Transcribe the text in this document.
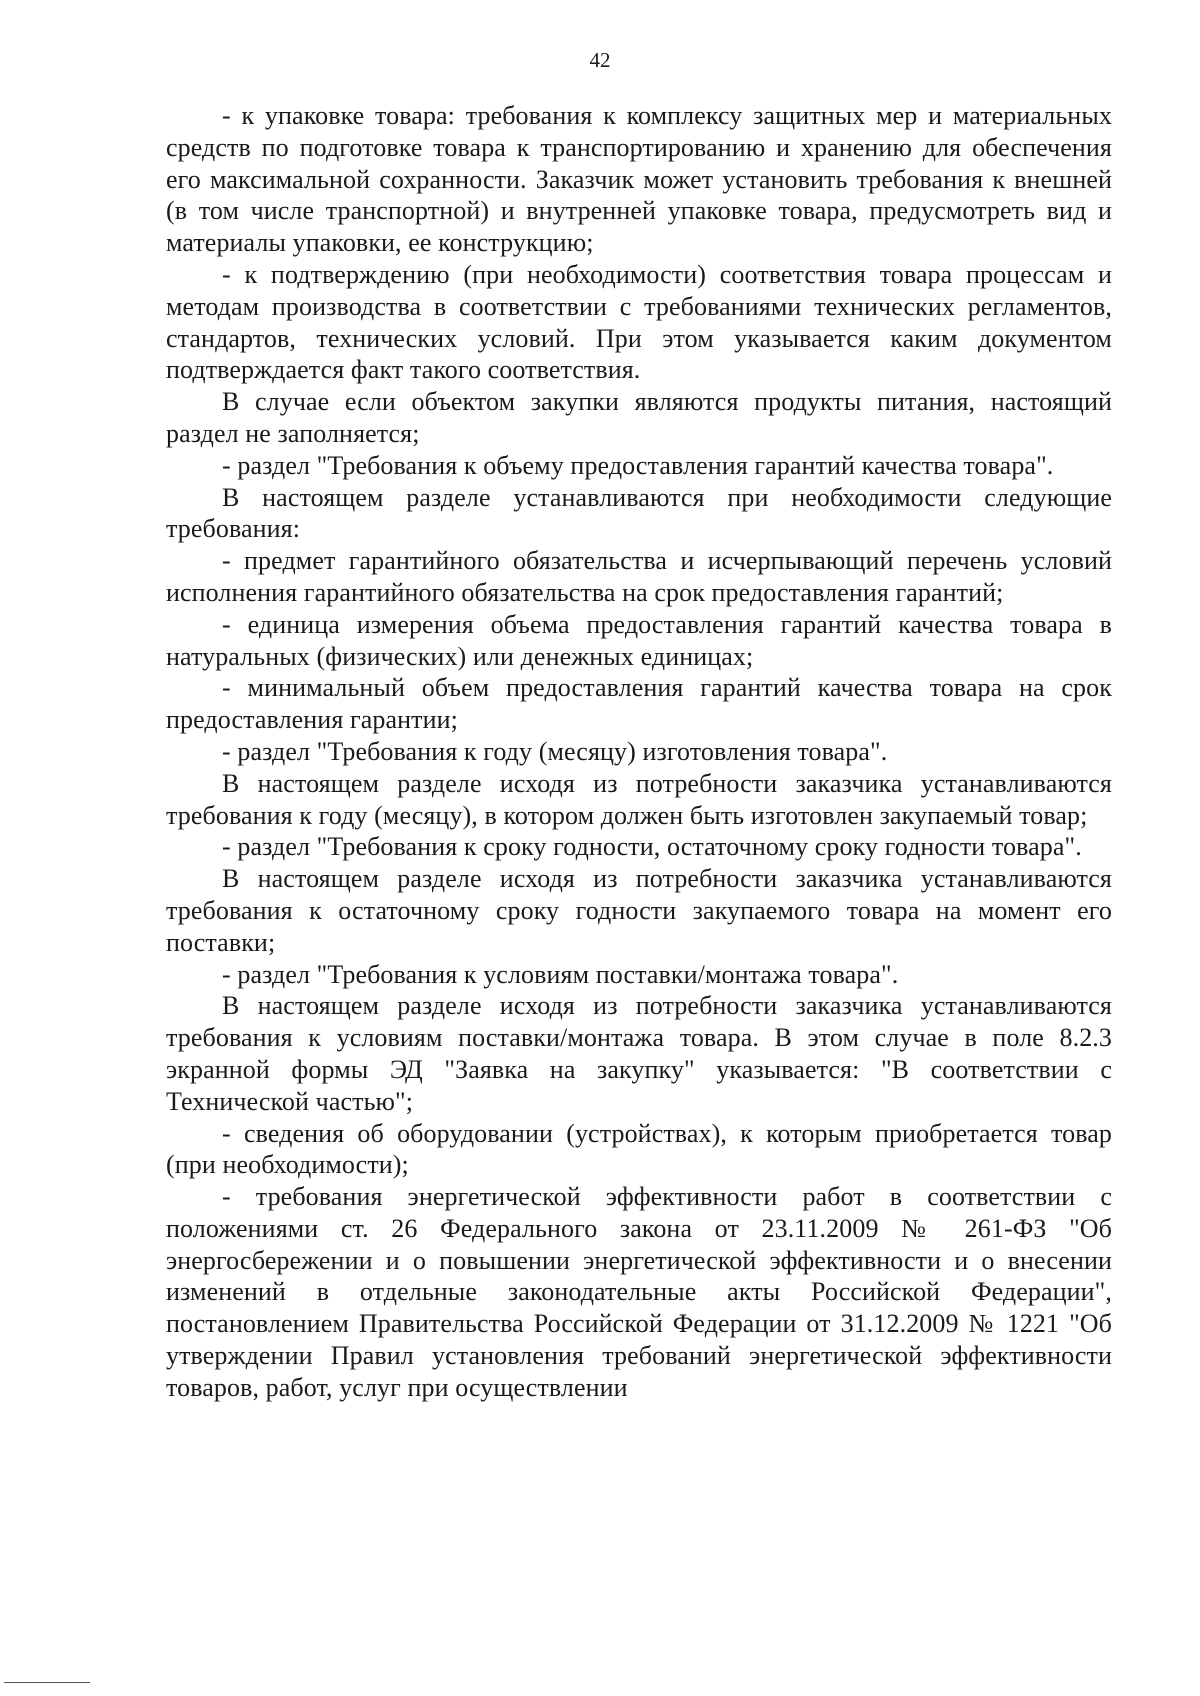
42

- к упаковке товара: требования к комплексу защитных мер и материальных средств по подготовке товара к транспортированию и хранению для обеспечения его максимальной сохранности. Заказчик может установить требования к внешней (в том числе транспортной) и внутренней упаковке товара, предусмотреть вид и материалы упаковки, ее конструкцию;

- к подтверждению (при необходимости) соответствия товара процессам и методам производства в соответствии с требованиями технических регламентов, стандартов, технических условий. При этом указывается каким документом подтверждается факт такого соответствия.

В случае если объектом закупки являются продукты питания, настоящий раздел не заполняется;

- раздел "Требования к объему предоставления гарантий качества товара".

В настоящем разделе устанавливаются при необходимости следующие требования:

- предмет гарантийного обязательства и исчерпывающий перечень условий исполнения гарантийного обязательства на срок предоставления гарантий;

- единица измерения объема предоставления гарантий качества товара в натуральных (физических) или денежных единицах;

- минимальный объем предоставления гарантий качества товара на срок предоставления гарантии;

- раздел "Требования к году (месяцу) изготовления товара".

В настоящем разделе исходя из потребности заказчика устанавливаются требования к году (месяцу), в котором должен быть изготовлен закупаемый товар;

- раздел "Требования к сроку годности, остаточному сроку годности товара".

В настоящем разделе исходя из потребности заказчика устанавливаются требования к остаточному сроку годности закупаемого товара на момент его поставки;

- раздел "Требования к условиям поставки/монтажа товара".

В настоящем разделе исходя из потребности заказчика устанавливаются требования к условиям поставки/монтажа товара. В этом случае в поле 8.2.3 экранной формы ЭД "Заявка на закупку" указывается: "В соответствии с Технической частью";

- сведения об оборудовании (устройствах), к которым приобретается товар (при необходимости);

- требования энергетической эффективности работ в соответствии с положениями ст. 26 Федерального закона от 23.11.2009 № 261-ФЗ "Об энергосбережении и о повышении энергетической эффективности и о внесении изменений в отдельные законодательные акты Российской Федерации", постановлением Правительства Российской Федерации от 31.12.2009 № 1221 "Об утверждении Правил установления требований энергетической эффективности товаров, работ, услуг при осуществлении
